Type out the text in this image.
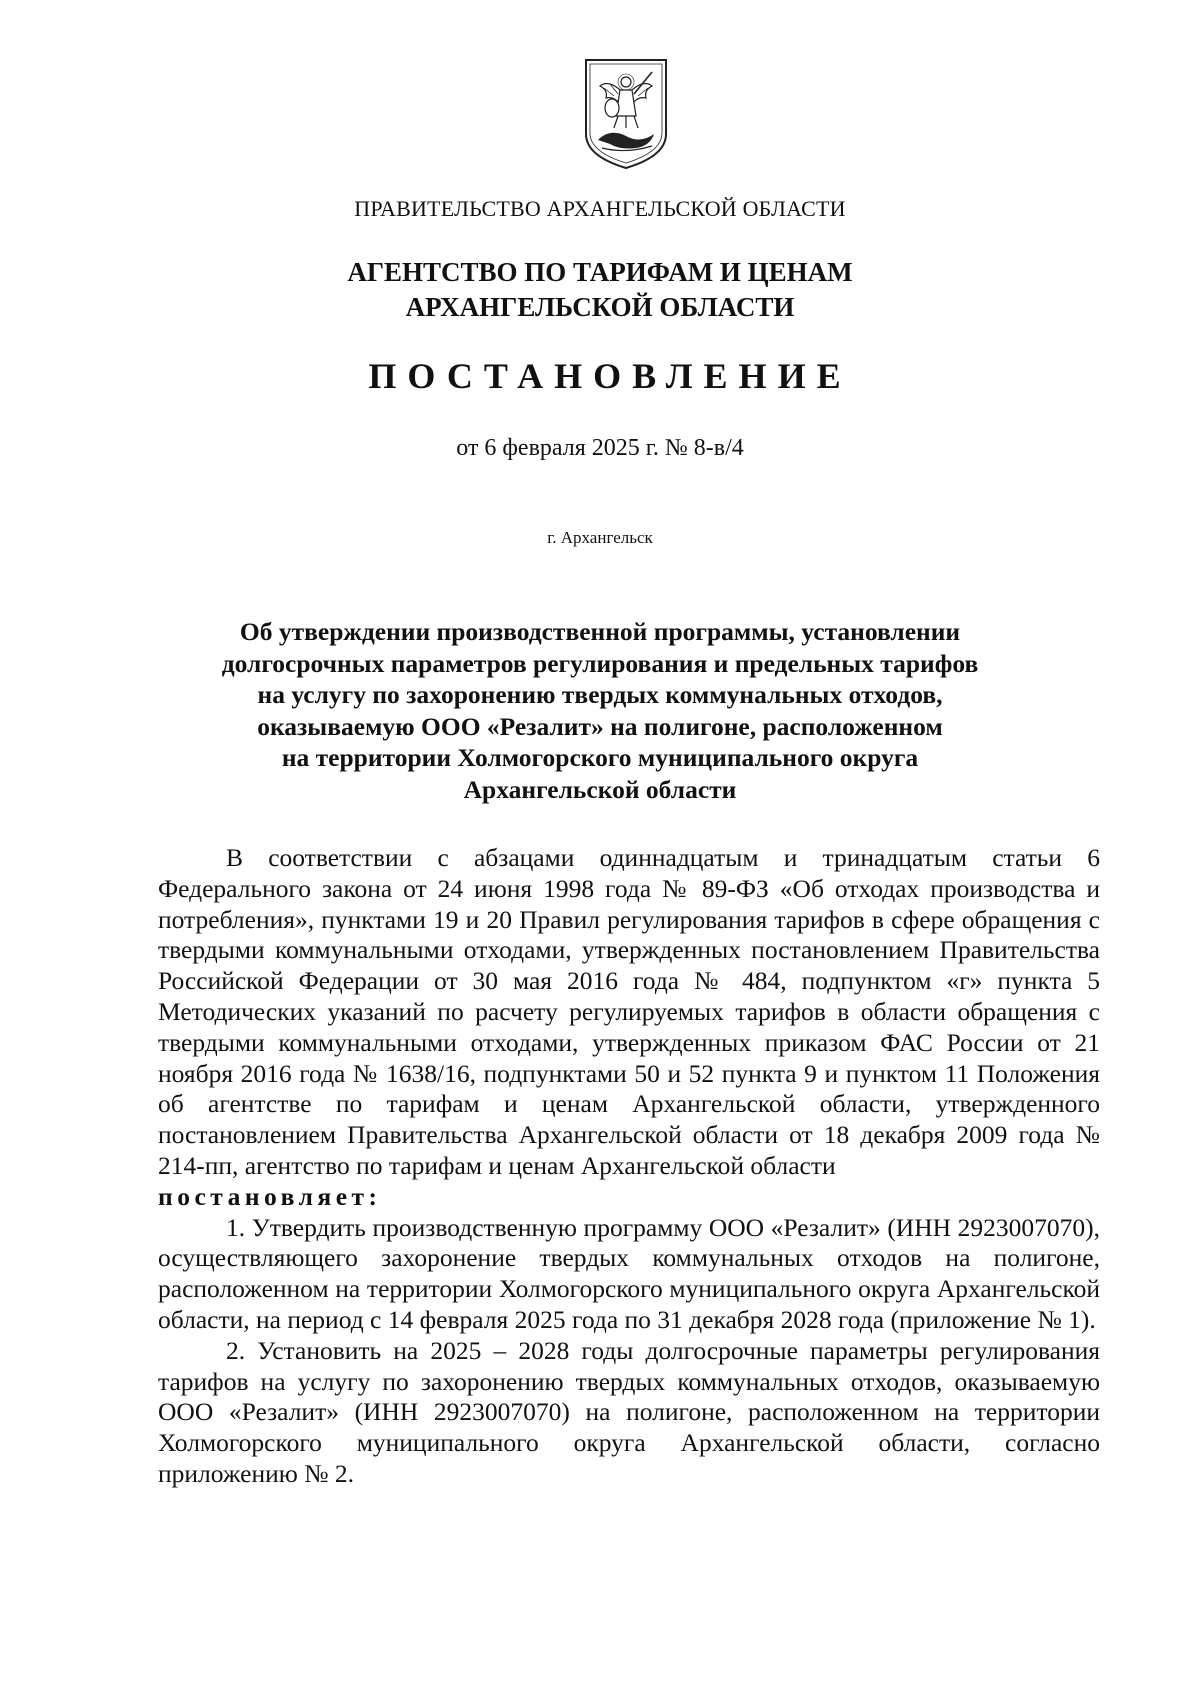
ПРАВИТЕЛЬСТВО АРХАНГЕЛЬСКОЙ ОБЛАСТИ
АГЕНТСТВО ПО ТАРИФАМ И ЦЕНАМ
АРХАНГЕЛЬСКОЙ ОБЛАСТИ
ПОСТАНОВЛЕНИЕ
от 6 февраля 2025 г. № 8-в/4
г. Архангельск
Об утверждении производственной программы, установлении
долгосрочных параметров регулирования и предельных тарифов
на услугу по захоронению твердых коммунальных отходов,
оказываемую ООО «Резалит» на полигоне, расположенном
на территории Холмогорского муниципального округа
Архангельской области

В соответствии с абзацами одиннадцатым и тринадцатым статьи 6 Федерального закона от 24 июня 1998 года № 89-ФЗ «Об отходах производства и потребления», пунктами 19 и 20 Правил регулирования тарифов в сфере обращения с твердыми коммунальными отходами, утвержденных постановлением Правительства Российской Федерации от 30 мая 2016 года № 484, подпунктом «г» пункта 5 Методических указаний по расчету регулируемых тарифов в области обращения с твердыми коммунальными отходами, утвержденных приказом ФАС России от 21 ноября 2016 года № 1638/16, подпунктами 50 и 52 пункта 9 и пунктом 11 Положения об агентстве по тарифам и ценам Архангельской области, утвержденного постановлением Правительства Архангельской области от 18 декабря 2009 года № 214-пп, агентство по тарифам и ценам Архангельской области

постановляет:

1. Утвердить производственную программу ООО «Резалит» (ИНН 2923007070), осуществляющего захоронение твердых коммунальных отходов на полигоне, расположенном на территории Холмогорского муниципального округа Архангельской области, на период с 14 февраля 2025 года по 31 декабря 2028 года (приложение № 1).

2. Установить на 2025 – 2028 годы долгосрочные параметры регулирования тарифов на услугу по захоронению твердых коммунальных отходов, оказываемую ООО «Резалит» (ИНН 2923007070) на полигоне, расположенном на территории Холмогорского муниципального округа Архангельской области, согласно приложению № 2.
